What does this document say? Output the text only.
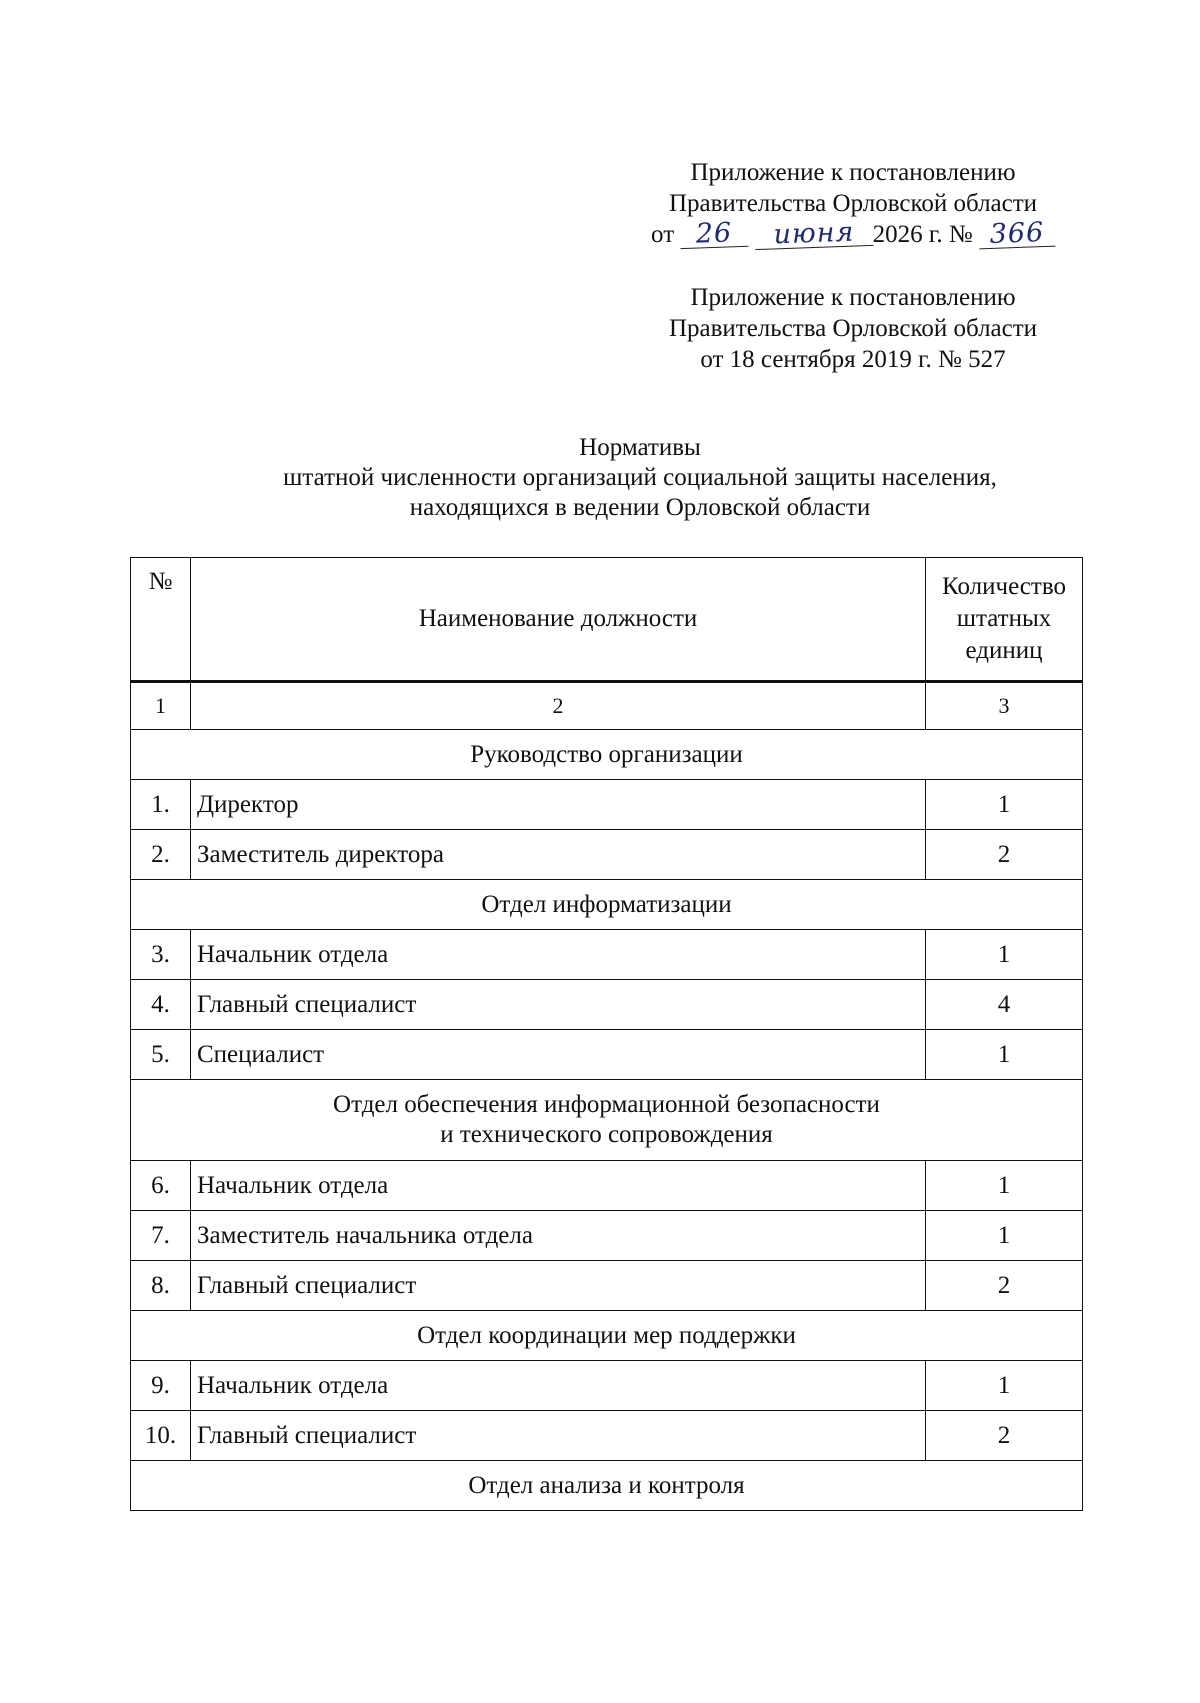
Приложение к постановлению
Правительства Орловской области
от 26 июня 2026 г. № 366
Приложение к постановлению
Правительства Орловской области
от 18 сентября 2019 г. № 527
Нормативы
штатной численности организаций социальной защиты населения,
находящихся в ведении Орловской области
№	Наименование должности	Количество
штатных
единиц
1	2	3
Руководство организации		
1.	Директор	1
2.	Заместитель директора	2
Отдел информатизации		
3.	Начальник отдела	1
4.	Главный специалист	4
5.	Специалист	1
Отдел обеспечения информационной безопасности
и технического сопровождения		
6.	Начальник отдела	1
7.	Заместитель начальника отдела	1
8.	Главный специалист	2
Отдел координации мер поддержки		
9.	Начальник отдела	1
10.	Главный специалист	2
Отдел анализа и контроля		
